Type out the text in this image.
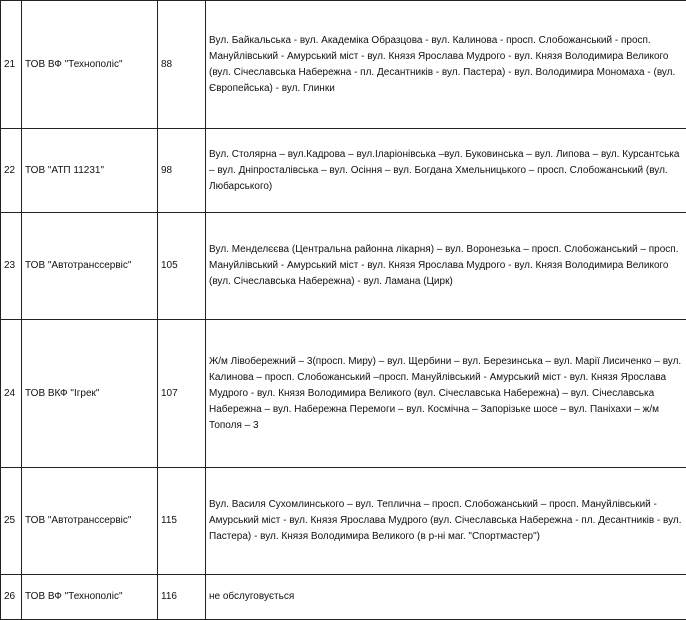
21	ТОВ ВФ "Технополіс"	88	Вул. Байкальська - вул. Академіка Образцова - вул. Калинова - просп. Слобожанський - просп. Мануйлівський - Амурський міст - вул. Князя Ярослава Мудрого - вул. Князя Володимира Великого (вул. Січеславська Набережна - пл. Десантників - вул. Пастера) - вул. Володимира Мономаха - (вул. Європейська) - вул. Глинки
22	ТОВ "АТП 11231"	98	Вул. Столярна – вул.Кадрова – вул.Іларіонівська –вул. Буковинська – вул. Липова – вул. Курсантська – вул. Дніпросталівська – вул. Осіння – вул. Богдана Хмельницького – просп. Слобожанський (вул. Любарського)
23	ТОВ "Автотранссервіс"	105	Вул. Менделєєва (Центральна районна лікарня) – вул. Воронезька – просп. Слобожанський – просп. Мануйлівський - Амурський міст - вул. Князя Ярослава Мудрого - вул. Князя Володимира Великого (вул. Січеславська Набережна) - вул. Ламана (Цирк)
24	ТОВ ВКФ "Ігрек"	107	Ж/м Лівобережний – 3(просп. Миру) – вул. Щербини – вул. Березинська – вул. Марії Лисиченко – вул. Калинова – просп. Слобожанський –просп. Мануйлівський - Амурський міст - вул. Князя Ярослава Мудрого - вул. Князя Володимира Великого (вул. Січеславська Набережна) – вул. Січеславська Набережна – вул. Набережна Перемоги – вул. Космічна – Запорізьке шосе – вул. Паніхахи – ж/м Тополя – 3
25	ТОВ "Автотранссервіс"	115	Вул. Василя Сухомлинського – вул. Теплична – просп. Слобожанський – просп. Мануйлівський - Амурський міст - вул. Князя Ярослава Мудрого (вул. Січеславська Набережна - пл. Десантників - вул. Пастера) - вул. Князя Володимира Великого (в р-ні маг. "Спортмастер")
26	ТОВ ВФ "Технополіс"	116	не обслуговується
